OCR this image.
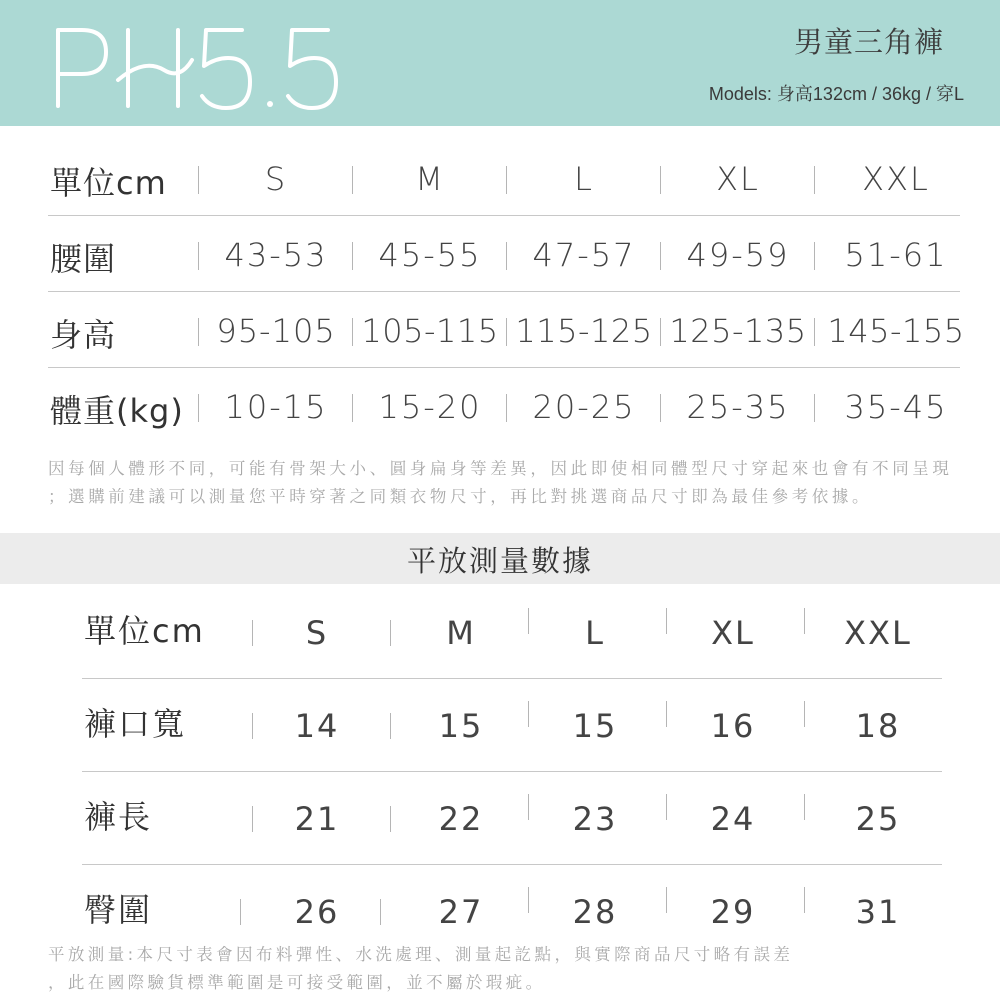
男童三角褲
Models: 身高132cm / 36kg / 穿L
單位cm	S	M	L	XL	XXL
腰圍	43-53	45-55	47-57	49-59	51-61
身高	95-105 105-115 115-125 125-135 145-155
體重(kg)	10-15	15-20	20-25	25-35	35-45
因每個人體形不同，可能有骨架大小、圓身扁身等差異，因此即使相同體型尺寸穿起來也會有不同呈現
；選購前建議可以測量您平時穿著之同類衣物尺寸，再比對挑選商品尺寸即為最佳參考依據。
平放測量數據
單位cm	S	M	L	XL	XXL
褲口寬	14	15	15	16	18
褲長	21	22	23	24	25
臀圍	26	27	28	29	31
平放測量:本尺寸表會因布料彈性、水洗處理、測量起訖點，與實際商品尺寸略有誤差
，此在國際驗貨標準範圍是可接受範圍，並不屬於瑕疵。
